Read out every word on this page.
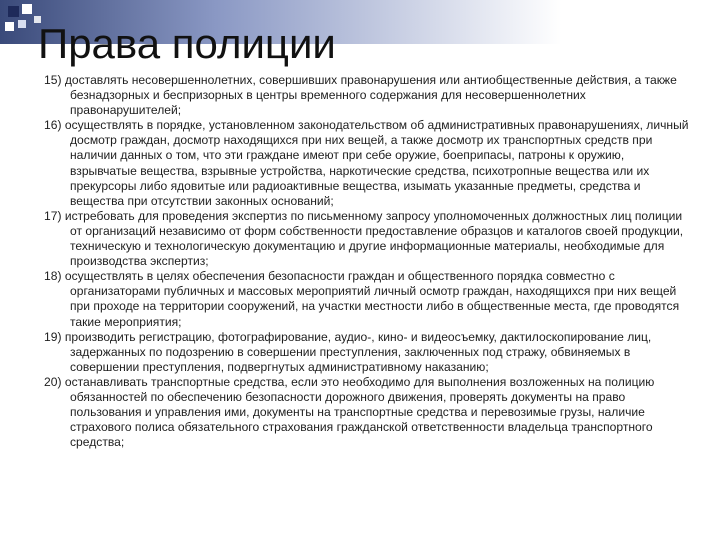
Права полиции

15) доставлять несовершеннолетних, совершивших правонарушения или антиобщественные действия, а также безнадзорных и беспризорных в центры временного содержания для несовершеннолетних правонарушителей;

16) осуществлять в порядке, установленном законодательством об административных правонарушениях, личный досмотр граждан, досмотр находящихся при них вещей, а также досмотр их транспортных средств при наличии данных о том, что эти граждане имеют при себе оружие, боеприпасы, патроны к оружию, взрывчатые вещества, взрывные устройства, наркотические средства, психотропные вещества или их прекурсоры либо ядовитые или радиоактивные вещества, изымать указанные предметы, средства и вещества при отсутствии законных оснований;

17) истребовать для проведения экспертиз по письменному запросу уполномоченных должностных лиц полиции от организаций независимо от форм собственности предоставление образцов и каталогов своей продукции, техническую и технологическую документацию и другие информационные материалы, необходимые для производства экспертиз;

18) осуществлять в целях обеспечения безопасности граждан и общественного порядка совместно с организаторами публичных и массовых мероприятий личный осмотр граждан, находящихся при них вещей при проходе на территории сооружений, на участки местности либо в общественные места, где проводятся такие мероприятия;

19) производить регистрацию, фотографирование, аудио-, кино- и видеосъемку, дактилоскопирование лиц, задержанных по подозрению в совершении преступления, заключенных под стражу, обвиняемых в совершении преступления, подвергнутых административному наказанию;

20) останавливать транспортные средства, если это необходимо для выполнения возложенных на полицию обязанностей по обеспечению безопасности дорожного движения, проверять документы на право пользования и управления ими, документы на транспортные средства и перевозимые грузы, наличие страхового полиса обязательного страхования гражданской ответственности владельца транспортного средства;
